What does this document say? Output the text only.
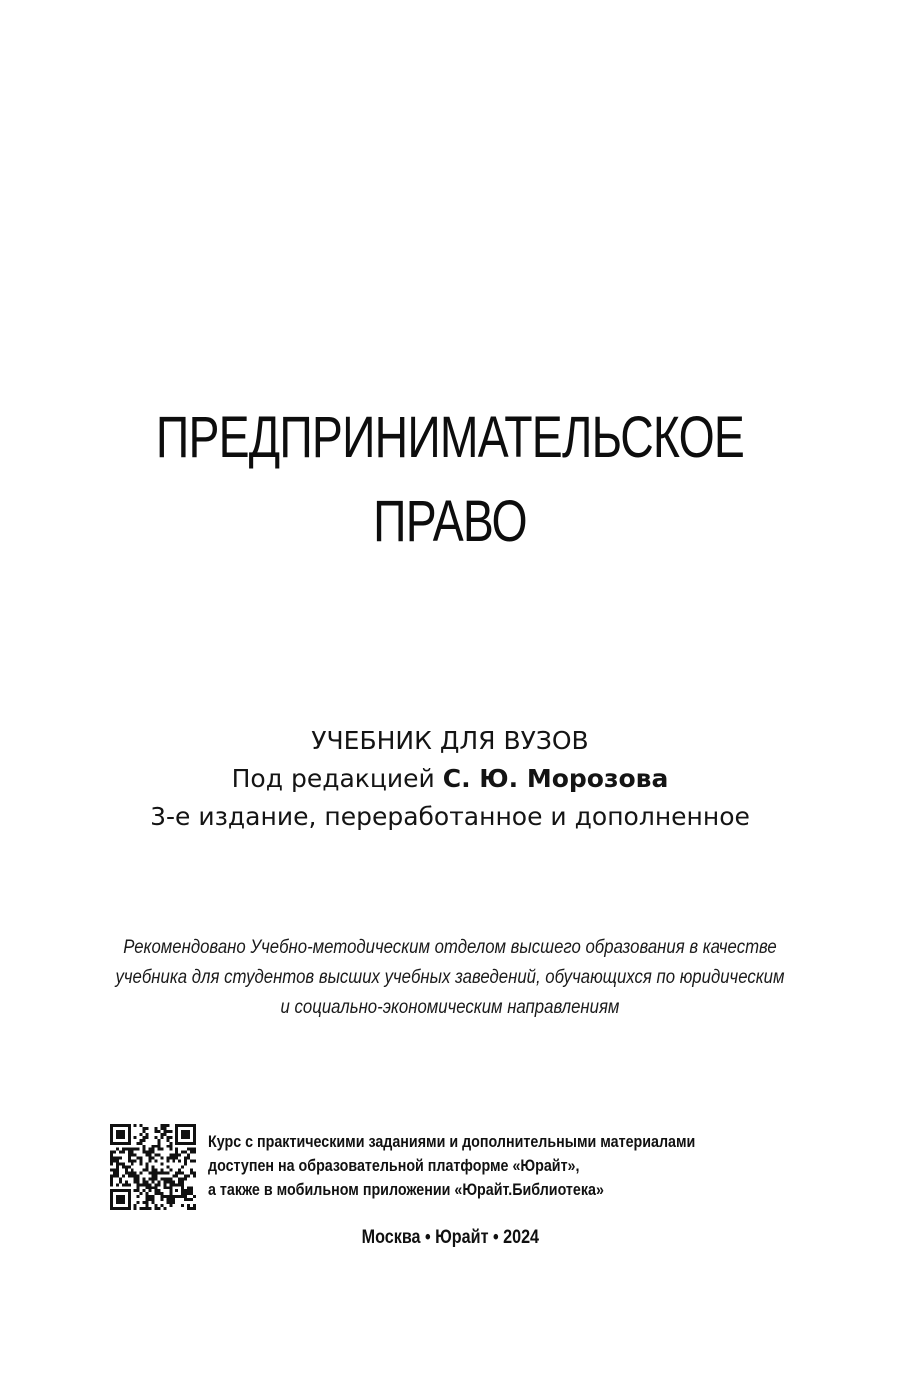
ПРЕДПРИНИМАТЕЛЬСКОЕ
ПРАВО
УЧЕБНИК ДЛЯ ВУЗОВ
Под редакцией С. Ю. Морозова
3-е издание, переработанное и дополненное
Рекомендовано Учебно-методическим отделом высшего образования в качестве
учебника для студентов высших учебных заведений, обучающихся по юридическим
и социально-экономическим направлениям
Курс с практическими заданиями и дополнительными материалами
доступен на образовательной платформе «Юрайт»,
а также в мобильном приложении «Юрайт.Библиотека»
Москва • Юрайт • 2024
